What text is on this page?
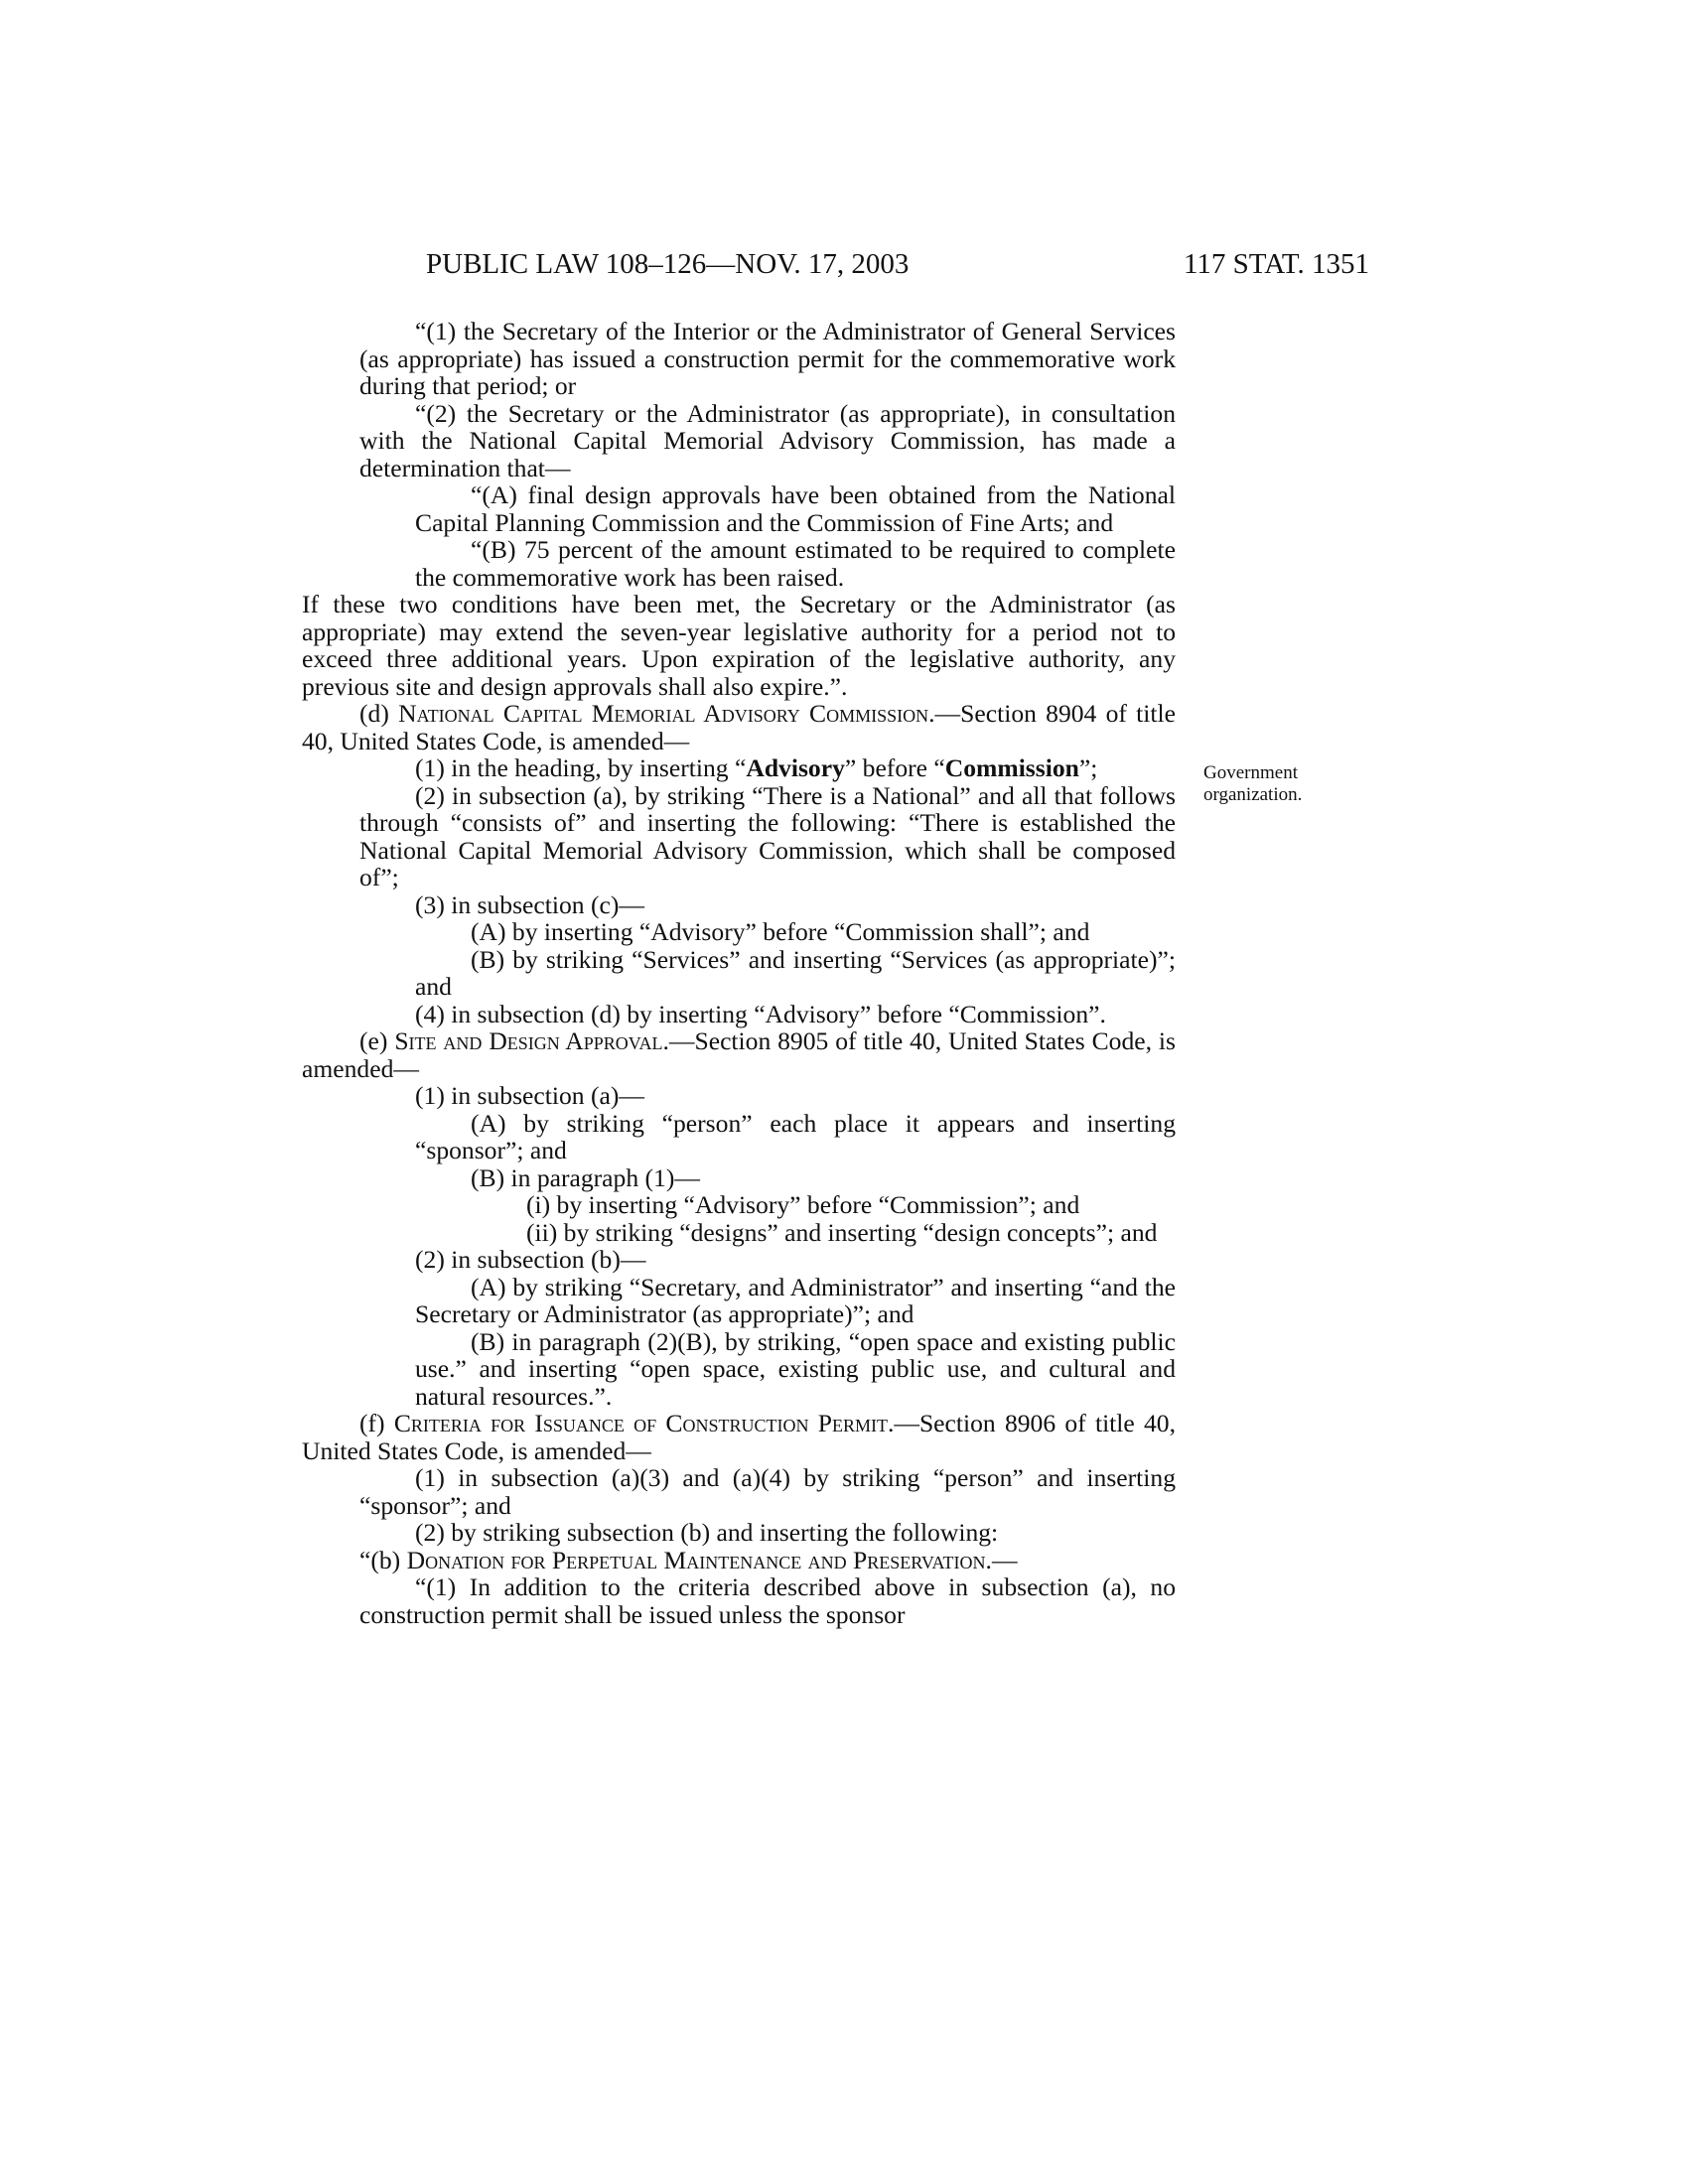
PUBLIC LAW 108–126—NOV. 17, 2003	117 STAT. 1351
Government
organization.

“(1) the Secretary of the Interior or the Administrator of General Services (as appropriate) has issued a construction permit for the commemorative work during that period; or

“(2) the Secretary or the Administrator (as appropriate), in consultation with the National Capital Memorial Advisory Commission, has made a determination that—

“(A) final design approvals have been obtained from the National Capital Planning Commission and the Commission of Fine Arts; and

“(B) 75 percent of the amount estimated to be required to complete the commemorative work has been raised.

If these two conditions have been met, the Secretary or the Administrator (as appropriate) may extend the seven-year legislative authority for a period not to exceed three additional years. Upon expiration of the legislative authority, any previous site and design approvals shall also expire.”.

(d) National Capital Memorial Advisory Commission.—Section 8904 of title 40, United States Code, is amended—

(1) in the heading, by inserting “Advisory” before “Commission”;

(2) in subsection (a), by striking “There is a National” and all that follows through “consists of” and inserting the following: “There is established the National Capital Memorial Advisory Commission, which shall be composed of”;

(3) in subsection (c)—

(A) by inserting “Advisory” before “Commission shall”; and

(B) by striking “Services” and inserting “Services (as appropriate)”; and

(4) in subsection (d) by inserting “Advisory” before “Commission”.

(e) Site and Design Approval.—Section 8905 of title 40, United States Code, is amended—

(1) in subsection (a)—

(A) by striking “person” each place it appears and inserting “sponsor”; and

(B) in paragraph (1)—

(i) by inserting “Advisory” before “Commission”; and

(ii) by striking “designs” and inserting “design concepts”; and

(2) in subsection (b)—

(A) by striking “Secretary, and Administrator” and inserting “and the Secretary or Administrator (as appropriate)”; and

(B) in paragraph (2)(B), by striking, “open space and existing public use.” and inserting “open space, existing public use, and cultural and natural resources.”.

(f) Criteria for Issuance of Construction Permit.—Section 8906 of title 40, United States Code, is amended—

(1) in subsection (a)(3) and (a)(4) by striking “person” and inserting “sponsor”; and

(2) by striking subsection (b) and inserting the following:

“(b) Donation for Perpetual Maintenance and Preservation.—

“(1) In addition to the criteria described above in subsection (a), no construction permit shall be issued unless the sponsor
